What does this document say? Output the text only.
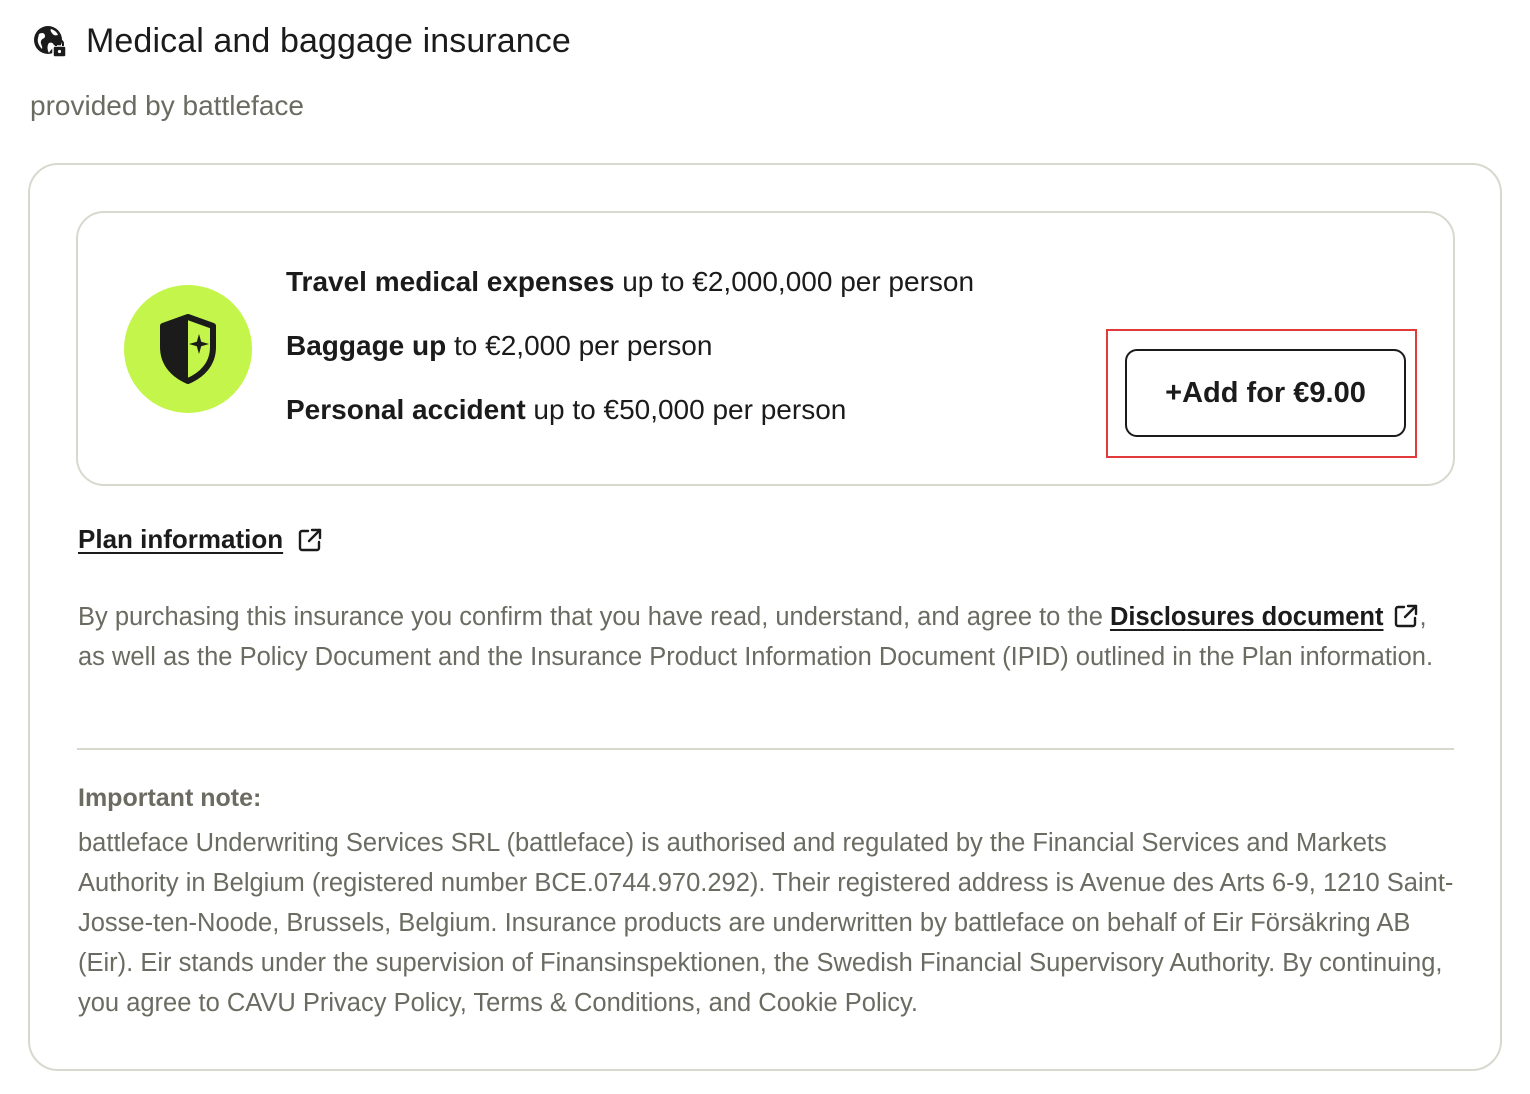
Medical and baggage insurance
provided by battleface
Travel medical expenses up to €2,000,000 per person
Baggage up to €2,000 per person
Personal accident up to €50,000 per person
+Add for €9.00
Plan information
By purchasing this insurance you confirm that you have read, understand, and agree to the Disclosures document , as well as the Policy Document and the Insurance Product Information Document (IPID) outlined in the Plan information.
Important note:
battleface Underwriting Services SRL (battleface) is authorised and regulated by the Financial Services and Markets Authority in Belgium (registered number BCE.0744.970.292). Their registered address is Avenue des Arts 6-9, 1210 Saint-Josse-ten-Noode, Brussels, Belgium. Insurance products are underwritten by battleface on behalf of Eir Försäkring AB (Eir). Eir stands under the supervision of Finansinspektionen, the Swedish Financial Supervisory Authority. By continuing, you agree to CAVU Privacy Policy, Terms & Conditions, and Cookie Policy.
